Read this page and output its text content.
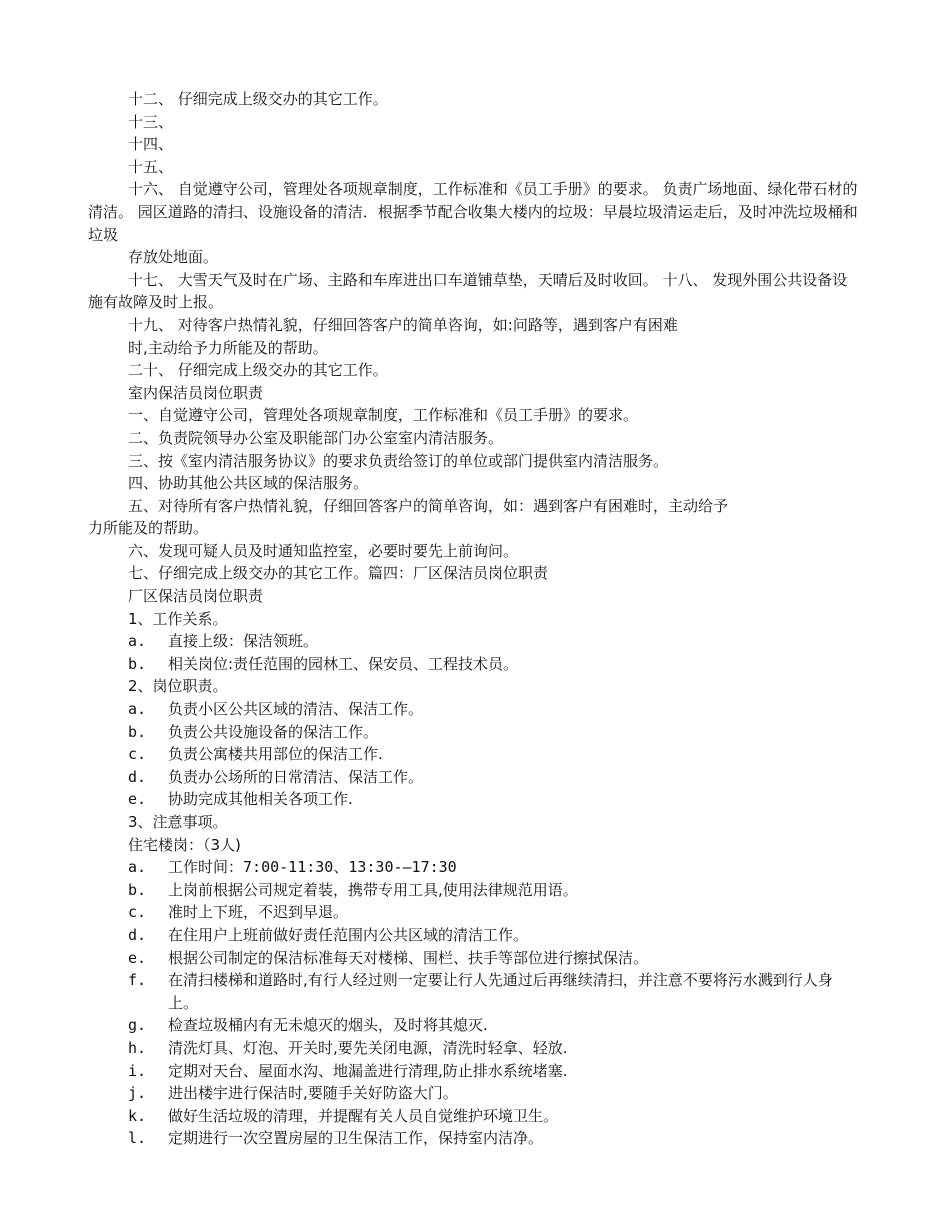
十二、 仔细完成上级交办的其它工作。

十三、

十四、

十五、

十六、 自觉遵守公司，管理处各项规章制度，工作标准和《员工手册》的要求。 负责广场地面、绿化带石材的清洁。 园区道路的清扫、设施设备的清洁．根据季节配合收集大楼内的垃圾：早晨垃圾清运走后，及时冲洗垃圾桶和垃圾

存放处地面。

十七、 大雪天气及时在广场、主路和车库进出口车道铺草垫，天晴后及时收回。 十八、 发现外围公共设备设施有故障及时上报。

十九、 对待客户热情礼貌，仔细回答客户的简单咨询，如:问路等，遇到客户有困难

时,主动给予力所能及的帮助。

二十、 仔细完成上级交办的其它工作。

室内保洁员岗位职责

一、自觉遵守公司，管理处各项规章制度，工作标准和《员工手册》的要求。

二、负责院领导办公室及职能部门办公室室内清洁服务。

三、按《室内清洁服务协议》的要求负责给签订的单位或部门提供室内清洁服务。

四、协助其他公共区域的保洁服务。

五、对待所有客户热情礼貌，仔细回答客户的简单咨询，如：遇到客户有困难时，主动给予

力所能及的帮助。

六、发现可疑人员及时通知监控室，必要时要先上前询问。

七、仔细完成上级交办的其它工作。篇四：厂区保洁员岗位职责

厂区保洁员岗位职责

1、工作关系。

a.	直接上级：保洁领班。
b.	相关岗位:责任范围的园林工、保安员、工程技术员。

2、岗位职责。

a.	负责小区公共区域的清洁、保洁工作。
b.	负责公共设施设备的保洁工作。
c.	负责公寓楼共用部位的保洁工作.
d.	负责办公场所的日常清洁、保洁工作。
e.	协助完成其他相关各项工作.

3、注意事项。

住宅楼岗：（3人)

a.	工作时间：7:00-11:30、13:30-—17:30
b.	上岗前根据公司规定着装，携带专用工具,使用法律规范用语。
c.	准时上下班，不迟到早退。
d.	在住用户上班前做好责任范围内公共区域的清洁工作。
e.	根据公司制定的保洁标准每天对楼梯、围栏、扶手等部位进行擦拭保洁。
f.	在清扫楼梯和道路时,有行人经过则一定要让行人先通过后再继续清扫，并注意不要将污水溅到行人身上。
g.	检查垃圾桶内有无未熄灭的烟头，及时将其熄灭.
h.	清洗灯具、灯泡、开关时,要先关闭电源，清洗时轻拿、轻放.
i.	定期对天台、屋面水沟、地漏盖进行清理,防止排水系统堵塞.
j.	进出楼宇进行保洁时,要随手关好防盗大门。
k.	做好生活垃圾的清理，并提醒有关人员自觉维护环境卫生。
l.	定期进行一次空置房屋的卫生保洁工作，保持室内洁净。
